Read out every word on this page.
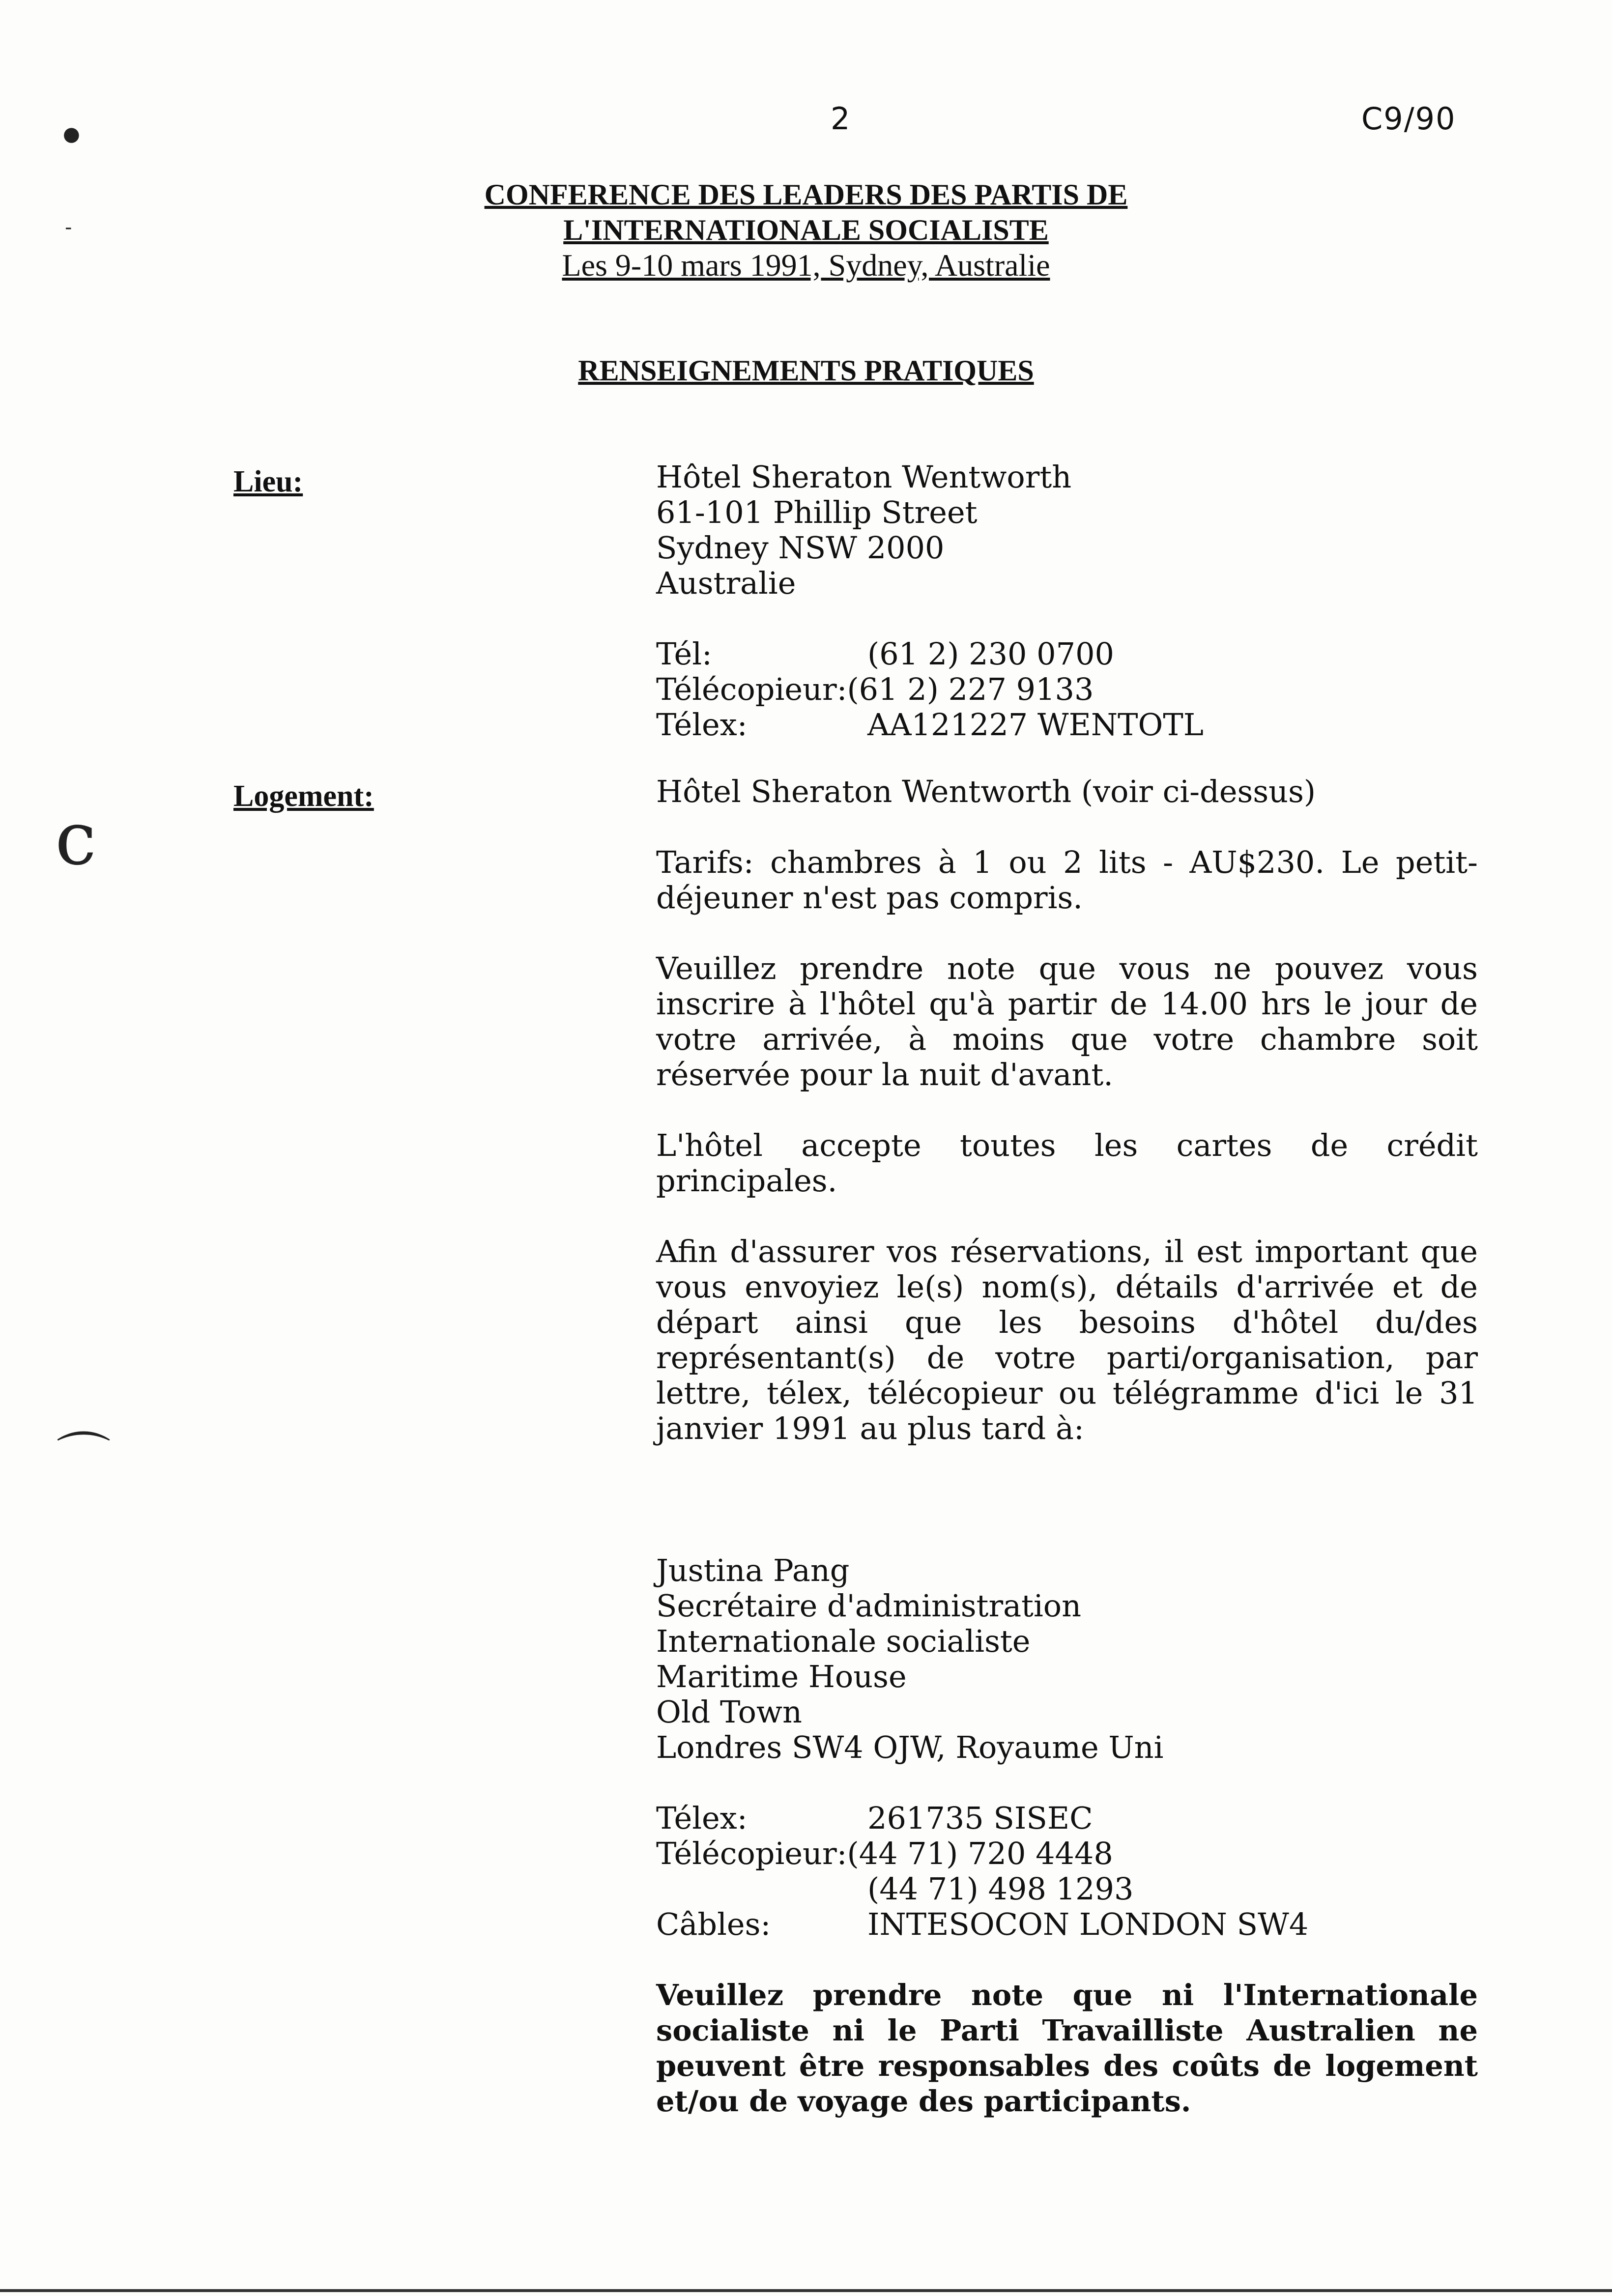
●
-
c
⌒
2	C9/90
CONFERENCE DES LEADERS DES PARTIS DE
L'INTERNATIONALE SOCIALISTE
Les 9-10 mars 1991, Sydney, Australie
RENSEIGNEMENTS PRATIQUES
Lieu:	Hôtel Sheraton Wentworth

61-101 Phillip Street

Sydney NSW 2000

Australie

Tél:	(61 2) 230 0700
Télécopieur: (61 2) 227 9133
Télex:	AA121227 WENTOTL
Logement:	Hôtel Sheraton Wentworth (voir ci-dessus)

Tarifs: chambres à 1 ou 2 lits - AU$230. Le petit-déjeuner n'est pas compris.

Veuillez prendre note que vous ne pouvez vous inscrire à l'hôtel qu'à partir de 14.00 hrs le jour de votre arrivée, à moins que votre chambre soit réservée pour la nuit d'avant.

L'hôtel accepte toutes les cartes de crédit principales.

Afin d'assurer vos réservations, il est important que vous envoyiez le(s) nom(s), détails d'arrivée et de départ ainsi que les besoins d'hôtel du/des représentant(s) de votre parti/organisation, par lettre, télex, télécopieur ou télégramme d'ici le 31 janvier 1991 au plus tard à:

Justina Pang

Secrétaire d'administration

Internationale socialiste

Maritime House

Old Town

Londres SW4 OJW, Royaume Uni

Télex:	261735 SISEC
Télécopieur: (44 71) 720 4448
(44 71) 498 1293
Câbles:	INTESOCON LONDON SW4

Veuillez prendre note que ni l'Internationale socialiste ni le Parti Travailliste Australien ne peuvent être responsables des coûts de logement et/ou de voyage des participants.
